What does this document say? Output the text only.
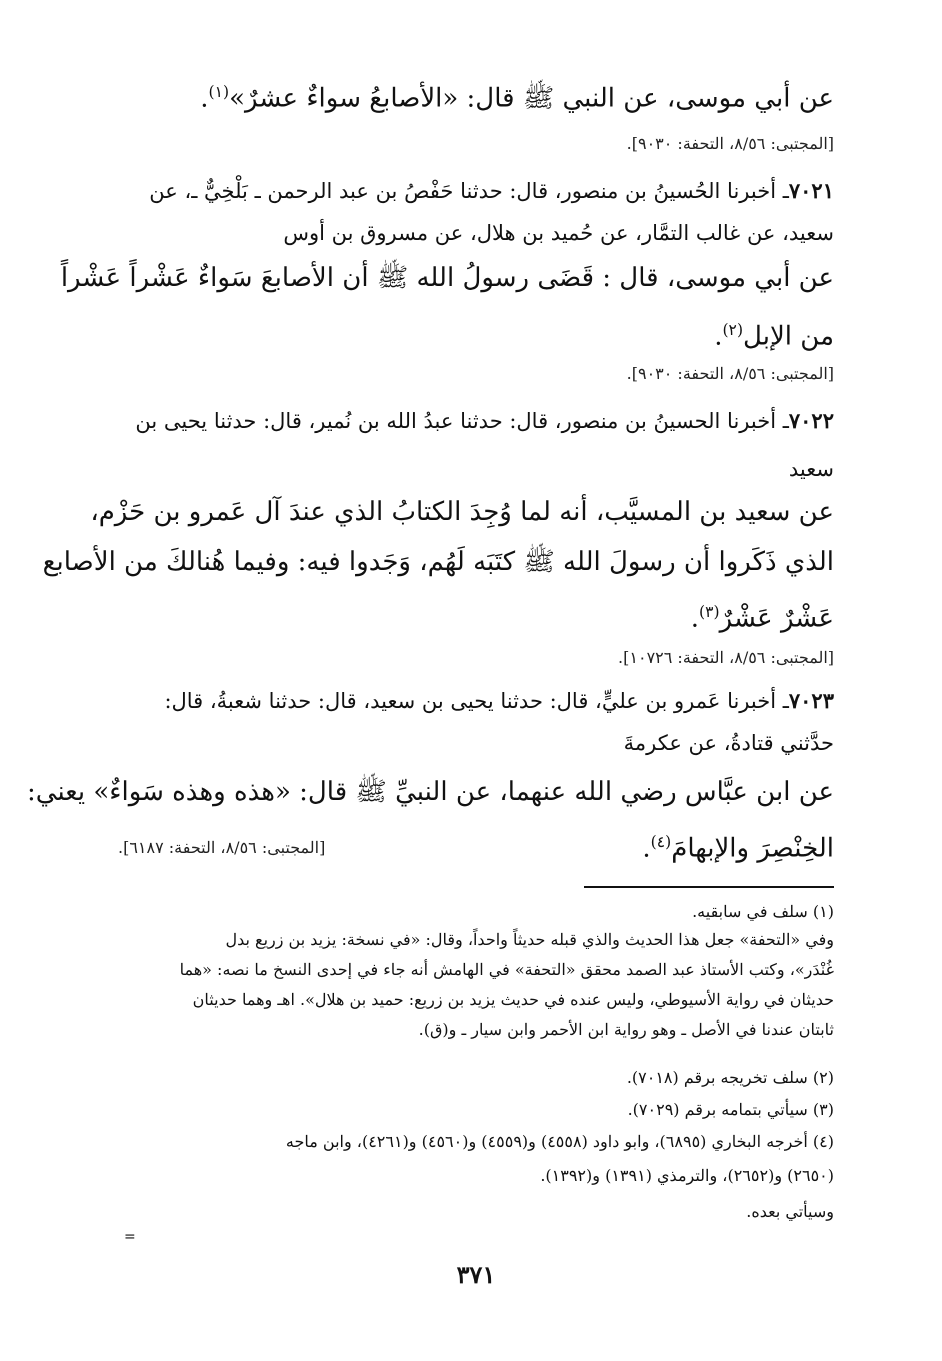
عن أبي موسى، عن النبي ﷺ قال: «الأصابعُ سواءٌ عشرٌ»$^{(١)}$.
[المجتبى: ٨/٥٦، التحفة: ٩٠٣٠].
٧٠٢١ـ أخبرنا الحُسينُ بن منصور، قال: حدثنا حَفْصُ بن عبد الرحمن ـ بَلْخِيٌّ ـ، عن
سعيد، عن غالب التمَّار، عن حُميد بن هلال، عن مسروق بن أوس
عن أبي موسى، قال : قَضَى رسولُ الله ﷺ أن الأصابعَ سَواءٌ عَشْراً عَشْراً
من الإبل$^{(٢)}$.
[المجتبى: ٨/٥٦، التحفة: ٩٠٣٠].
٧٠٢٢ـ أخبرنا الحسينُ بن منصور، قال: حدثنا عبدُ الله بن نُمير، قال: حدثنا يحيى بن
سعيد
عن سعيد بن المسيَّب، أنه لما وُجِدَ الكتابُ الذي عندَ آل عَمرو بن حَزْم،
الذي ذَكَروا أن رسولَ الله ﷺ كتَبَه لَهُم، وَجَدوا فيه: وفيما هُنالكَ من الأصابع
عَشْرٌ عَشْرٌ$^{(٣)}$.
[المجتبى: ٨/٥٦، التحفة: ١٠٧٢٦].
٧٠٢٣ـ أخبرنا عَمرو بن عليٍّ، قال: حدثنا يحيى بن سعيد، قال: حدثنا شعبةُ، قال:
حدَّثني قتادةُ، عن عكرمةَ
عن ابن عبَّاس رضي الله عنهما، عن النبيِّ ﷺ قال: «هذه وهذه سَواءٌ» يعني:
الخِنْصِرَ والإبهامَ$^{(٤)}$.
[المجتبى: ٨/٥٦، التحفة: ٦١٨٧].
(١) سلف في سابقيه.
وفي «التحفة» جعل هذا الحديث والذي قبله حديثاً واحداً، وقال: «في نسخة: يزيد بن زريع بدل
غُنْدَر»، وكتب الأستاذ عبد الصمد محقق «التحفة» في الهامش أنه جاء في إحدى النسخ ما نصه: «هما
حديثان في رواية الأسيوطي، وليس عنده في حديث يزيد بن زريع: حميد بن هلال». اهـ وهما حديثان
ثابتان عندنا في الأصل ـ وهو رواية ابن الأحمر وابن سيار ـ و(ق).
(٢) سلف تخريجه برقم (٧٠١٨).
(٣) سيأتي بتمامه برقم (٧٠٢٩).
(٤) أخرجه البخاري (٦٨٩٥)، وابو داود (٤٥٥٨) و(٤٥٥٩) و(٤٥٦٠) و(٤٢٦١)، وابن ماجه
(٢٦٥٠) و(٢٦٥٢)، والترمذي (١٣٩١) و(١٣٩٢).
وسيأتي بعده.
=
٣٧١
